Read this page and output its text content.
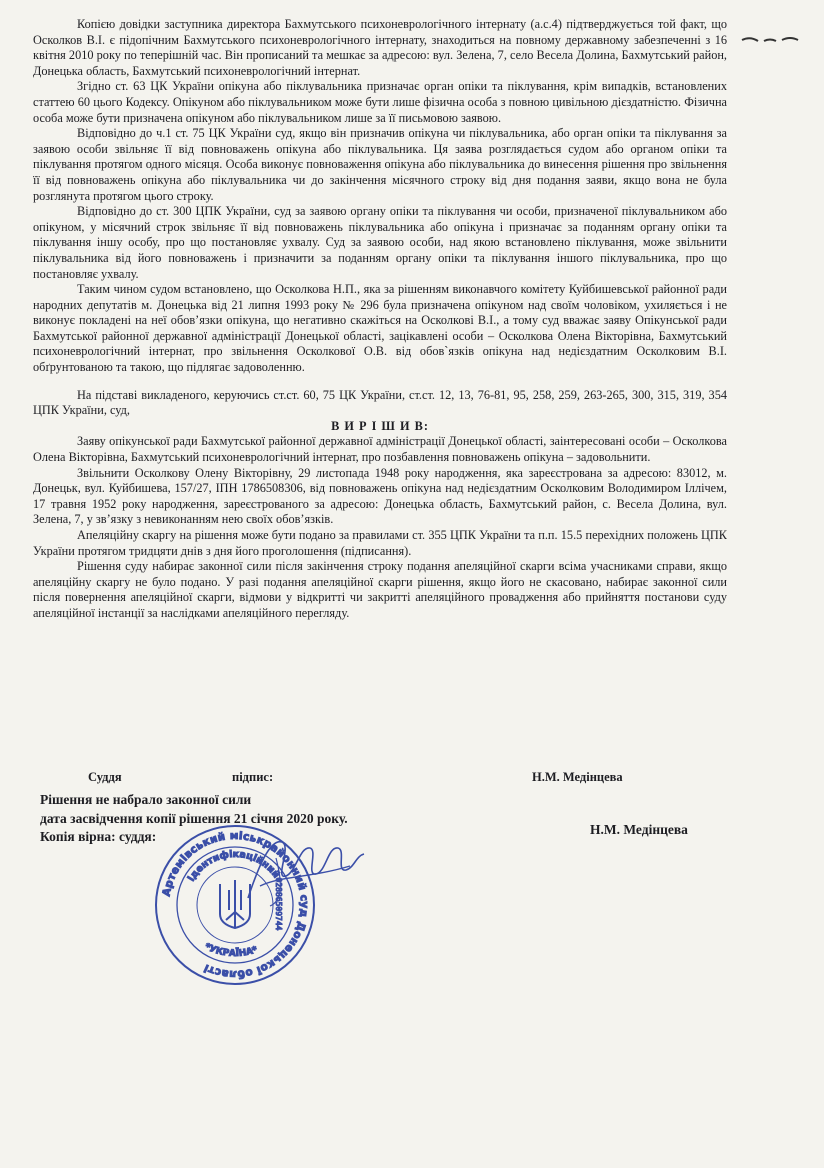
Копією довідки заступника директора Бахмутського психоневрологічного інтернату (а.с.4) підтверджується той факт, що Осколков В.І. є підопічним Бахмутського психоневрологічного інтернату, знаходиться на повному державному забезпеченні з 16 квітня 2010 року по теперішній час. Він прописаний та мешкає за адресою: вул. Зелена, 7, село Весела Долина, Бахмутський район, Донецька область, Бахмутський психоневрологічний інтернат.

Згідно ст. 63 ЦК України опікуна або піклувальника призначає орган опіки та піклування, крім випадків, встановлених статтею 60 цього Кодексу. Опікуном або піклувальником може бути лише фізична особа з повною цивільною дієздатністю. Фізична особа може бути призначена опікуном або піклувальником лише за її письмовою заявою.

Відповідно до ч.1 ст. 75 ЦК України суд, якщо він призначив опікуна чи піклувальника, або орган опіки та піклування за заявою особи звільняє її від повноважень опікуна або піклувальника. Ця заява розглядається судом або органом опіки та піклування протягом одного місяця. Особа виконує повноваження опікуна або піклувальника до винесення рішення про звільнення її від повноважень опікуна або піклувальника чи до закінчення місячного строку від дня подання заяви, якщо вона не була розглянута протягом цього строку.

Відповідно до ст. 300 ЦПК України, суд за заявою органу опіки та піклування чи особи, призначеної піклувальником або опікуном, у місячний строк звільняє її від повноважень піклувальника або опікуна і призначає за поданням органу опіки та піклування іншу особу, про що постановляє ухвалу. Суд за заявою особи, над якою встановлено піклування, може звільнити піклувальника від його повноважень і призначити за поданням органу опіки та піклування іншого піклувальника, про що постановляє ухвалу.

Таким чином судом встановлено, що Осколкова Н.П., яка за рішенням виконавчого комітету Куйбишевської районної ради народних депутатів м. Донецька від 21 липня 1993 року № 296 була призначена опікуном над своїм чоловіком, ухиляється і не виконує покладені на неї обов’язки опікуна, що негативно скажіться на Осколкові В.І., а тому суд вважає заяву Опікунської ради Бахмутської районної державної адміністрації Донецької області, зацікавлені особи – Осколкова Олена Вікторівна, Бахмутський психоневрологічний інтернат, про звільнення Осколкової О.В. від обов`язків опікуна над недієздатним Осколковим В.І. обґрунтованою та такою, що підлягає задоволенню.

На підставі викладеного, керуючись ст.ст. 60, 75 ЦК України, ст.ст. 12, 13, 76-81, 95, 258, 259, 263-265, 300, 315, 319, 354 ЦПК України, суд,

В И Р І Ш И В:

Заяву опікунської ради Бахмутської районної державної адміністрації Донецької області, заінтересовані особи – Осколкова Олена Вікторівна, Бахмутський психоневрологічний інтернат, про позбавлення повноважень опікуна – задовольнити.

Звільнити Осколкову Олену Вікторівну, 29 листопада 1948 року народження, яка зареєстрована за адресою: 83012, м. Донецьк, вул. Куйбишева, 157/27, ІПН 1786508306, від повноважень опікуна над недієздатним Осколковим Володимиром Іллічем, 17 травня 1952 року народження, зареєстрованого за адресою: Донецька область, Бахмутський район, с. Весела Долина, вул. Зелена, 7, у зв’язку з невиконанням нею своїх обов’язків.

Апеляційну скаргу на рішення може бути подано за правилами ст. 355 ЦПК України та п.п. 15.5 перехідних положень ЦПК України протягом тридцяти днів з дня його проголошення (підписання).

Рішення суду набирає законної сили після закінчення строку подання апеляційної скарги всіма учасниками справи, якщо апеляційну скаргу не було подано. У разі подання апеляційної скарги рішення, якщо його не скасовано, набирає законної сили після повернення апеляційної скарги, відмови у відкритті чи закритті апеляційного провадження або прийняття постанови суду апеляційної інстанції за наслідками апеляційного перегляду.

Суддя	підпис:	Н.М. Медінцева
Рішення не набрало законної сили
дата засвідчення копії рішення 21 січня 2020 року.
Копія вірна: суддя:	Н.М. Медінцева
Артемівський міськрайонний суд Донецької області
ідентифікаційний
*УКРАЇНА*
02886509744
